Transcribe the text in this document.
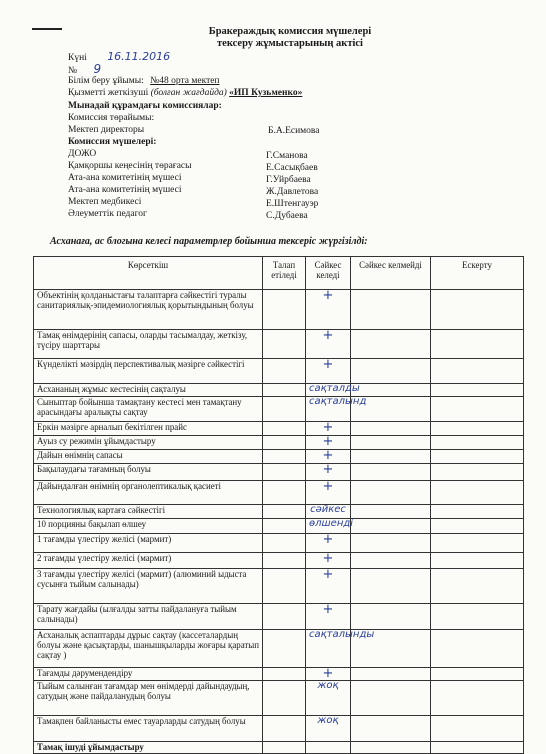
Бракераждық комиссия мүшелері
тексеру жұмыстарының актісі
Күні 16.11.2016
№ 9
Білім беру ұйымы: №48 орта мектеп
Қызметті жеткізуші (болған жағдайда) «ИП Кузьменко»
Мынадай құрамдағы комиссиялар:
Комиссия төрайымы:
Мектеп директоры	Б.А.Есимова
Комиссия мүшелері:
ДОЖО	Г.Сманова
Қамқоршы кеңесінің төрағасы	Е.Сасықбаев
Ата-ана комитетінің мүшесі	Г.Уйрбаева
Ата-ана комитетінің мүшесі	Ж.Давлетова
Мектеп медбикесі	Е.Штенгауэр
Әлеуметтік педагог	С.Дубаева
Асханаға, ас блогына келесі параметрлер бойынша тексеріс жүргізілді:
Көрсеткіш	Талап етіледі	Сәйкес келеді	Сәйкес келмейді	Ескерту
Объектінің қолданыстағы талаптарға сәйкестігі туралы санитариялық-эпидемиологиялық қорытындының болуы		+		

Тамақ өнімдерінің сапасы, оларды тасымалдау, жеткізу, түсіру шарттары		+		

Күнделікті мәзірдің перспективалық мәзірге сәйкестігі		+		

Асхананың жұмыс кестесінің сақталуы		сақталды		

Сыныптар бойынша тамақтану кестесі мен тамақтану арасындағы аралықты сақтау		сақталынд		

Еркін мәзірге арналып бекітілген прайс		+		

Ауыз су режимін ұйымдастыру		+		

Дайын өнімнің сапасы		+		

Бақылаудағы тағамның болуы		+		

Дайындалған өнімнің органолептикалық қасиеті		+		

Технологиялық картаға сәйкестігі		сәйкес		

10 порцияны бақылап өлшеу		өлшенді		

1 тағамды үлестіру желісі (мармит)		+		

2 тағамды үлестіру желісі (мармит)		+		

3 тағамды үлестіру желісі (мармит) (алюминий ыдыста сусынға тыйым салынады)		+		

Тарату жағдайы (ылғалды затты пайдалануға тыйым салынады)		+		

Асханалық аспаптарды дұрыс сақтау (кассеталардың болуы және қасықтарды, шанышқыларды жоғары қаратып сақтау )		сақталынды		

Тағамды дәрумендендіру		+		

Тыйым салынған тағамдар мен өнімдерді дайындаудың, сатудың және пайдаланудың болуы		жоқ		

Тамақпен байланысты емес тауарларды сатудың болуы		жоқ		

Тамақ ішуді ұйымдастыру		
